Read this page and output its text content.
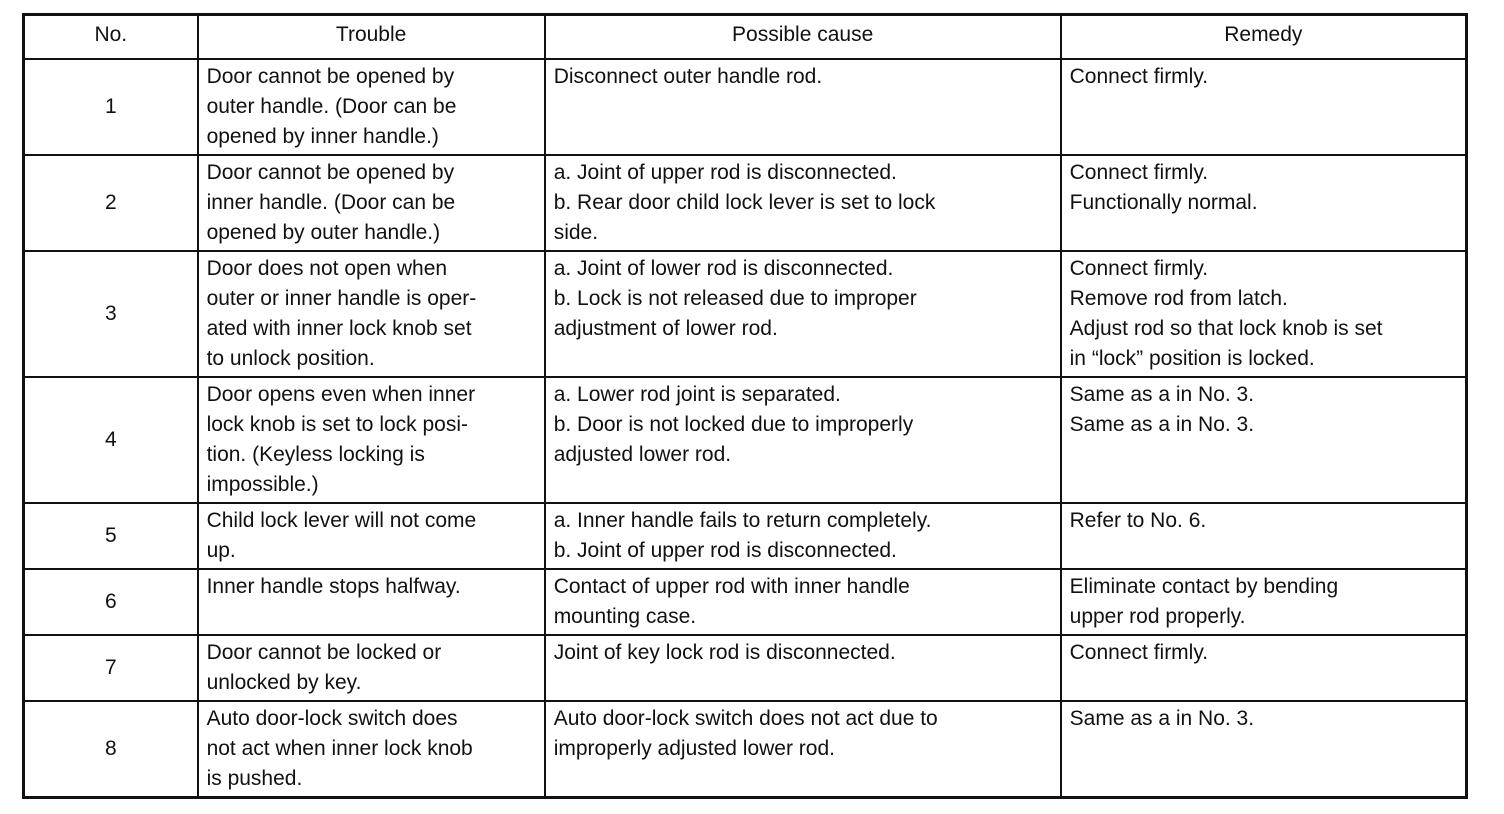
No.	Trouble	Possible cause	Remedy
1	Door cannot be opened by
outer handle. (Door can be
opened by inner handle.)	Disconnect outer handle rod.	Connect firmly.

2	Door cannot be opened by
inner handle. (Door can be
opened by outer handle.)	a. Joint of upper rod is disconnected.
b. Rear door child lock lever is set to lock
side.	Connect firmly.
Functionally normal.

3	Door does not open when
outer or inner handle is oper-
ated with inner lock knob set
to unlock position.	a. Joint of lower rod is disconnected.
b. Lock is not released due to improper
adjustment of lower rod.	Connect firmly.
Remove rod from latch.
Adjust rod so that lock knob is set
in “lock” position is locked.

4	Door opens even when inner
lock knob is set to lock posi-
tion. (Keyless locking is
impossible.)	a. Lower rod joint is separated.
b. Door is not locked due to improperly
adjusted lower rod.	Same as a in No. 3.
Same as a in No. 3.

5	Child lock lever will not come
up.	a. Inner handle fails to return completely.
b. Joint of upper rod is disconnected.	Refer to No. 6.

6	Inner handle stops halfway.	Contact of upper rod with inner handle
mounting case.	Eliminate contact by bending
upper rod properly.

7	Door cannot be locked or
unlocked by key.	Joint of key lock rod is disconnected.	Connect firmly.

8	Auto door-lock switch does
not act when inner lock knob
is pushed.	Auto door-lock switch does not act due to
improperly adjusted lower rod.	Same as a in No. 3.
